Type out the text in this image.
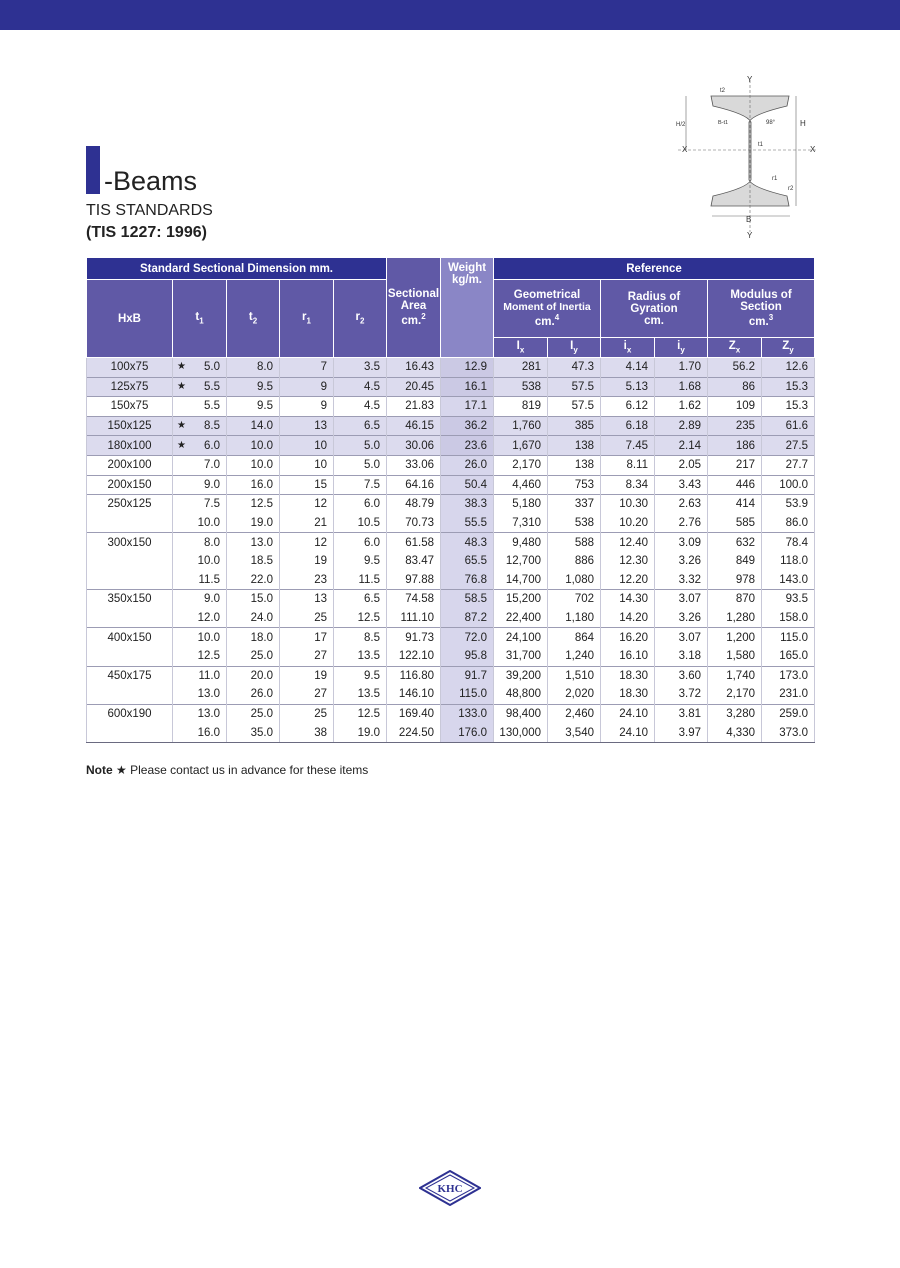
-Beams
TIS STANDARDS
(TIS 1227: 1996)
Y
Y
X	X
H
H/2
B
B-t1
t1
t2
98°
r1
r2
Standard Sectional Dimension mm.					Sectional
Area
cm.$^2$	Weight
kg/m.	Reference					
HxB	$t_1$	$t_2$	$r_1$	$r_2$			Geometrical
Moment of Inertia
cm.$^4$		Radius of
Gyration
cm.		Modulus of
Section
cm.$^3$
							$I_x$	$I_y$	$i_x$	$i_y$	$Z_x$	$Z_y$
100x75	★ 5.0	8.0	7	3.5	16.43	12.9	281	47.3	4.14	1.70	56.2	12.6
125x75	★ 5.5	9.5	9	4.5	20.45	16.1	538	57.5	5.13	1.68	86	15.3
150x75	5.5	9.5	9	4.5	21.83	17.1	819	57.5	6.12	1.62	109	15.3
150x125	★ 8.5	14.0	13	6.5	46.15	36.2	1,760	385	6.18	2.89	235	61.6
180x100	★ 6.0	10.0	10	5.0	30.06	23.6	1,670	138	7.45	2.14	186	27.5
200x100	7.0	10.0	10	5.0	33.06	26.0	2,170	138	8.11	2.05	217	27.7
200x150	9.0	16.0	15	7.5	64.16	50.4	4,460	753	8.34	3.43	446	100.0
250x125	7.5	12.5	12	6.0	48.79	38.3	5,180	337	10.30	2.63	414	53.9
	10.0	19.0	21	10.5	70.73	55.5	7,310	538	10.20	2.76	585	86.0
300x150	8.0	13.0	12	6.0	61.58	48.3	9,480	588	12.40	3.09	632	78.4
	10.0	18.5	19	9.5	83.47	65.5	12,700	886	12.30	3.26	849	118.0
	11.5	22.0	23	11.5	97.88	76.8	14,700	1,080	12.20	3.32	978	143.0
350x150	9.0	15.0	13	6.5	74.58	58.5	15,200	702	14.30	3.07	870	93.5
	12.0	24.0	25	12.5	111.10	87.2	22,400	1,180	14.20	3.26	1,280	158.0
400x150	10.0	18.0	17	8.5	91.73	72.0	24,100	864	16.20	3.07	1,200	115.0
	12.5	25.0	27	13.5	122.10	95.8	31,700	1,240	16.10	3.18	1,580	165.0
450x175	11.0	20.0	19	9.5	116.80	91.7	39,200	1,510	18.30	3.60	1,740	173.0
	13.0	26.0	27	13.5	146.10	115.0	48,800	2,020	18.30	3.72	2,170	231.0
600x190	13.0	25.0	25	12.5	169.40	133.0	98,400	2,460	24.10	3.81	3,280	259.0
	16.0	35.0	38	19.0	224.50	176.0	130,000	3,540	24.10	3.97	4,330	373.0
Note ★ Please contact us in advance for these items
KHC
